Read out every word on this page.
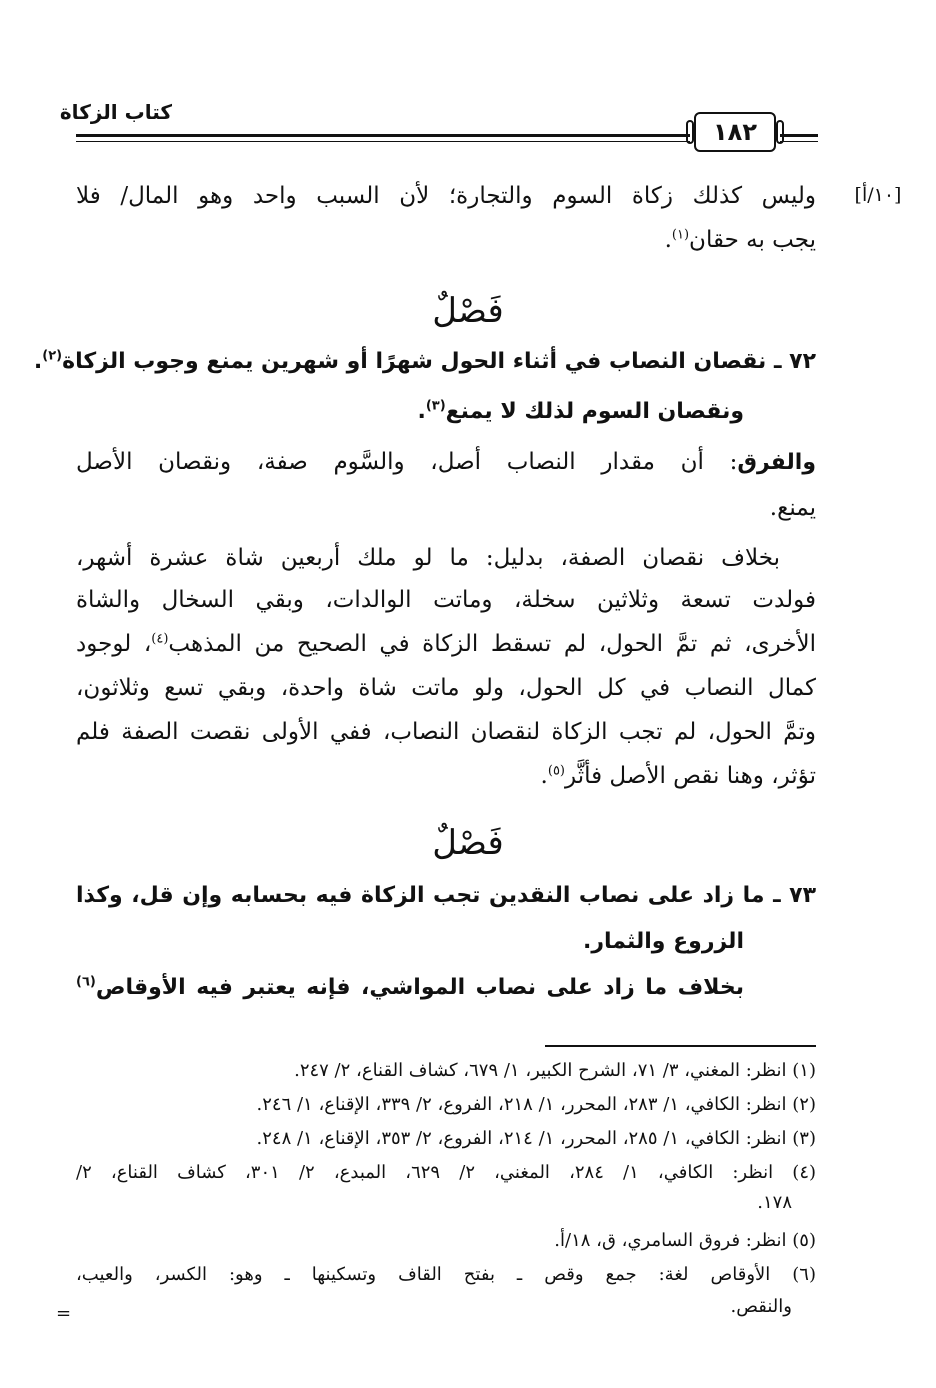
كتاب الزكاة
١٨٢
[١٠/أ]
وليس كذلك زكاة السوم والتجارة؛ لأن السبب واحد وهو المال/ فلا
يجب به حقان$^{(١)}$.
فَصْلٌ
٧٢ ـ نقصان النصاب في أثناء الحول شهرًا أو شهرين يمنع وجوب الزكاة$^{(٢)}$.
ونقصان السوم لذلك لا يمنع$^{(٣)}$.
والفرق: أن مقدار النصاب أصل، والسَّوم صفة، ونقصان الأصل
يمنع.
بخلاف نقصان الصفة، بدليل: ما لو ملك أربعين شاة عشرة أشهر،
فولدت تسعة وثلاثين سخلة، وماتت الوالدات، وبقي السخال والشاة
الأخرى، ثم تمَّ الحول، لم تسقط الزكاة في الصحيح من المذهب$^{(٤)}$، لوجود
كمال النصاب في كل الحول، ولو ماتت شاة واحدة، وبقي تسع وثلاثون،
وتمَّ الحول، لم تجب الزكاة لنقصان النصاب، ففي الأولى نقصت الصفة فلم
تؤثر، وهنا نقص الأصل فأثَّر$^{(٥)}$.
فَصْلٌ
٧٣ ـ ما زاد على نصاب النقدين تجب الزكاة فيه بحسابه وإن قل، وكذا
الزروع والثمار.
بخلاف ما زاد على نصاب المواشي، فإنه يعتبر فيه الأوقاص$^{(٦)}$
(١) انظر: المغني، ٣/ ٧١، الشرح الكبير، ١/ ٦٧٩، كشاف القناع، ٢/ ٢٤٧.
(٢) انظر: الكافي، ١/ ٢٨٣، المحرر، ١/ ٢١٨، الفروع، ٢/ ٣٣٩، الإقناع، ١/ ٢٤٦.
(٣) انظر: الكافي، ١/ ٢٨٥، المحرر، ١/ ٢١٤، الفروع، ٢/ ٣٥٣، الإقناع، ١/ ٢٤٨.
(٤) انظر: الكافي، ١/ ٢٨٤، المغني، ٢/ ٦٢٩، المبدع، ٢/ ٣٠١، كشاف القناع، ٢/
١٧٨.
(٥) انظر: فروق السامري، ق، ١٨/أ.
(٦) الأوقاص لغة: جمع وقص ـ بفتح القاف وتسكينها ـ وهو: الكسر، والعيب،
والنقص.
=
